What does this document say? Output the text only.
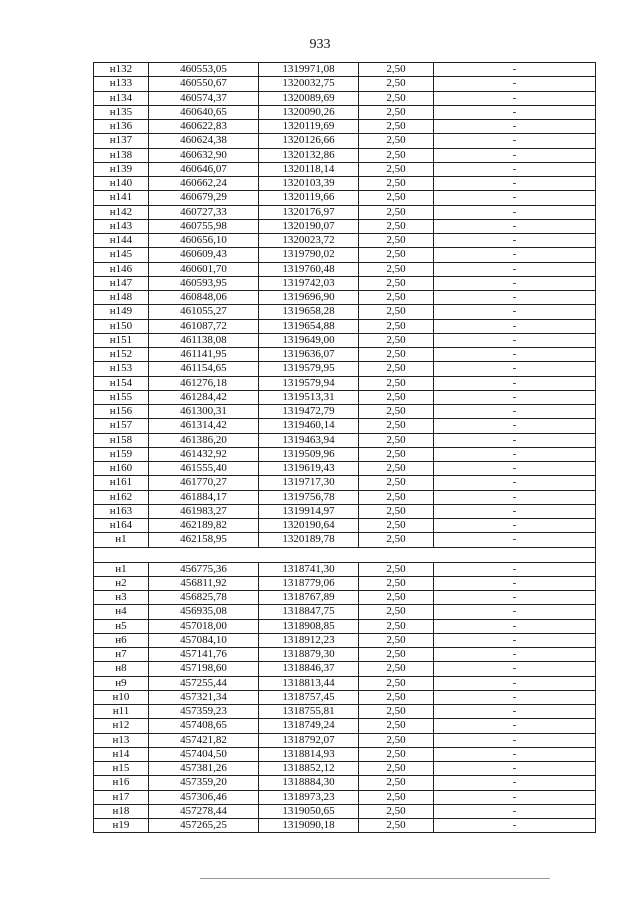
933
н132	460553,05	1319971,08	2,50	-
н133	460550,67	1320032,75	2,50	-
н134	460574,37	1320089,69	2,50	-
н135	460640,65	1320090,26	2,50	-
н136	460622,83	1320119,69	2,50	-
н137	460624,38	1320126,66	2,50	-
н138	460632,90	1320132,86	2,50	-
н139	460646,07	1320118,14	2,50	-
н140	460662,24	1320103,39	2,50	-
н141	460679,29	1320119,66	2,50	-
н142	460727,33	1320176,97	2,50	-
н143	460755,98	1320190,07	2,50	-
н144	460656,10	1320023,72	2,50	-
н145	460609,43	1319790,02	2,50	-
н146	460601,70	1319760,48	2,50	-
н147	460593,95	1319742,03	2,50	-
н148	460848,06	1319696,90	2,50	-
н149	461055,27	1319658,28	2,50	-
н150	461087,72	1319654,88	2,50	-
н151	461138,08	1319649,00	2,50	-
н152	461141,95	1319636,07	2,50	-
н153	461154,65	1319579,95	2,50	-
н154	461276,18	1319579,94	2,50	-
н155	461284,42	1319513,31	2,50	-
н156	461300,31	1319472,79	2,50	-
н157	461314,42	1319460,14	2,50	-
н158	461386,20	1319463,94	2,50	-
н159	461432,92	1319509,96	2,50	-
н160	461555,40	1319619,43	2,50	-
н161	461770,27	1319717,30	2,50	-
н162	461884,17	1319756,78	2,50	-
н163	461983,27	1319914,97	2,50	-
н164	462189,82	1320190,64	2,50	-
н1	462158,95	1320189,78	2,50	-

н1	456775,36	1318741,30	2,50	-
н2	456811,92	1318779,06	2,50	-
н3	456825,78	1318767,89	2,50	-
н4	456935,08	1318847,75	2,50	-
н5	457018,00	1318908,85	2,50	-
н6	457084,10	1318912,23	2,50	-
н7	457141,76	1318879,30	2,50	-
н8	457198,60	1318846,37	2,50	-
н9	457255,44	1318813,44	2,50	-
н10	457321,34	1318757,45	2,50	-
н11	457359,23	1318755,81	2,50	-
н12	457408,65	1318749,24	2,50	-
н13	457421,82	1318792,07	2,50	-
н14	457404,50	1318814,93	2,50	-
н15	457381,26	1318852,12	2,50	-
н16	457359,20	1318884,30	2,50	-
н17	457306,46	1318973,23	2,50	-
н18	457278,44	1319050,65	2,50	-
н19	457265,25	1319090,18	2,50	-
